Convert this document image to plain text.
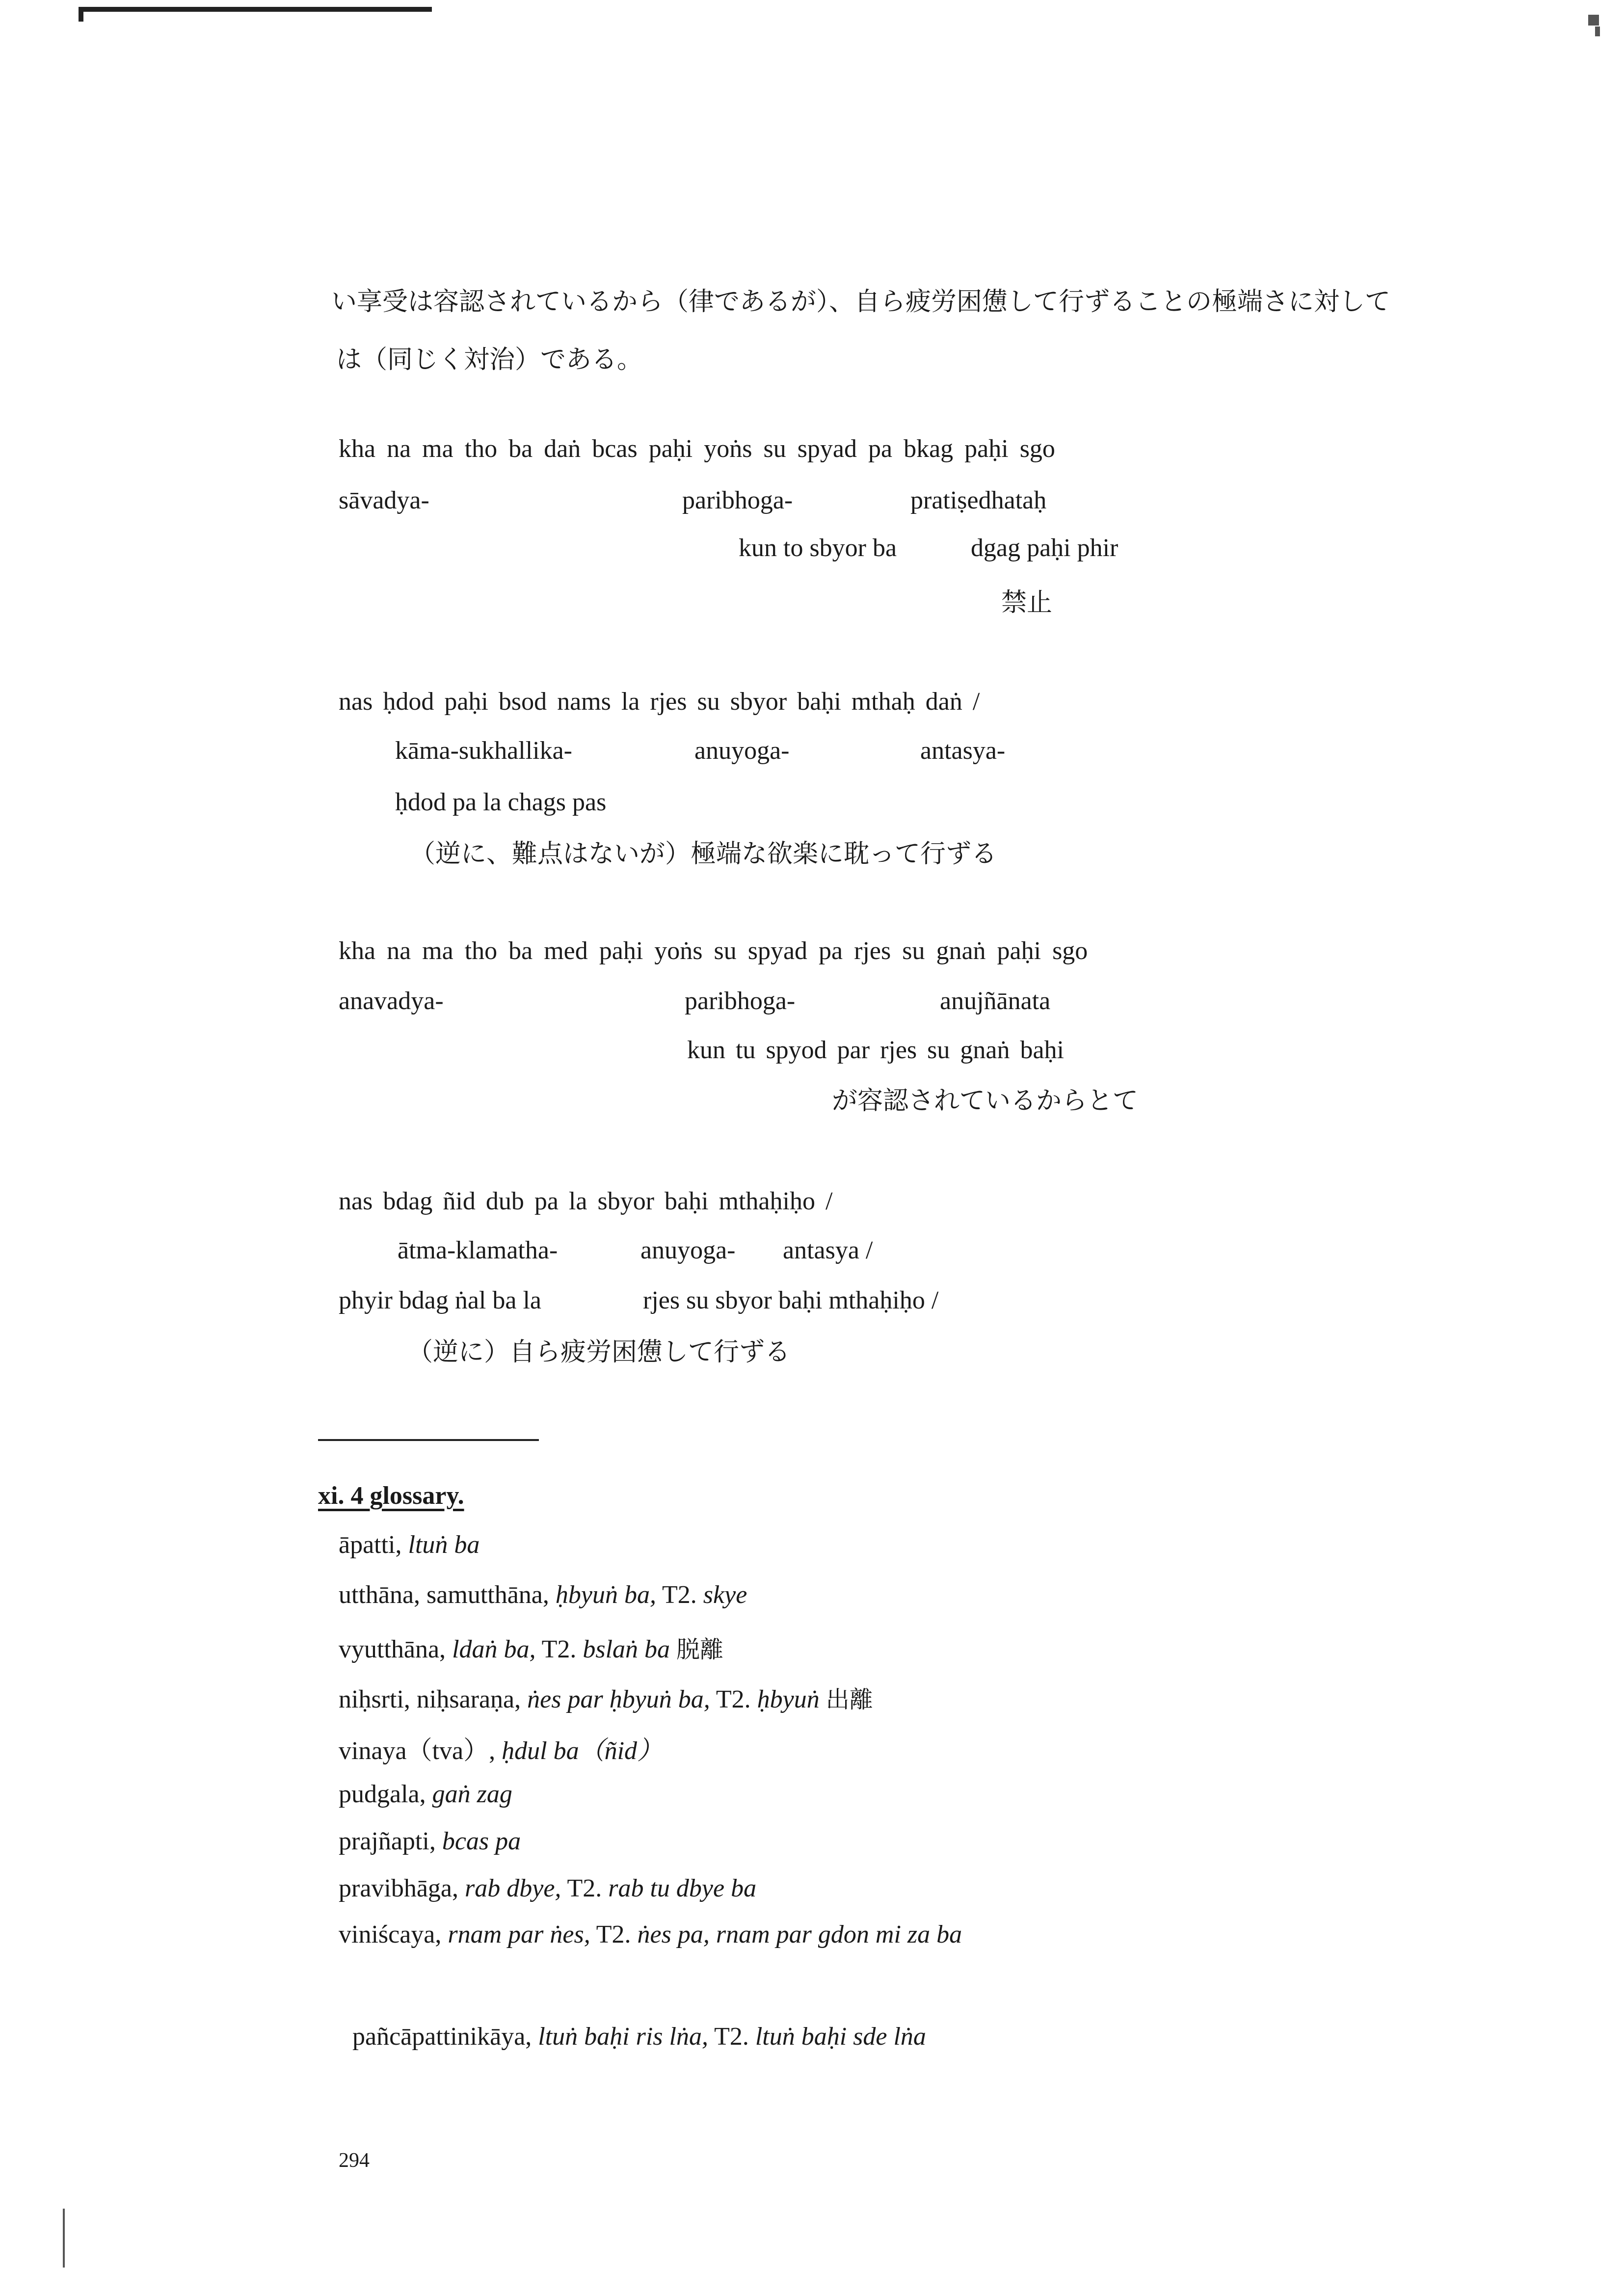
い享受は容認されているから（律であるが）、自ら疲労困憊して行ずることの極端さに対して
は（同じく対治）である。
kha na ma tho ba daṅ bcas paḥi yoṅs su spyad pa bkag paḥi sgo
sāvadya-	paribhoga-	pratiṣedhataḥ
kun to sbyor ba	dgag paḥi phir
禁止
nas ḥdod paḥi bsod nams la rjes su sbyor baḥi mthaḥ daṅ /
kāma-sukhallika-	anuyoga-	antasya-
ḥdod pa la chags pas
（逆に、難点はないが）極端な欲楽に耽って行ずる
kha na ma tho ba med paḥi yoṅs su spyad pa rjes su gnaṅ paḥi sgo
anavadya-	paribhoga-	anujñānata
kun tu spyod par rjes su gnaṅ baḥi
が容認されているからとて
nas bdag ñid dub pa la sbyor baḥi mthaḥiḥo /
ātma-klamatha-	anuyoga- antasya /
phyir bdag ṅal ba la	rjes su sbyor baḥi mthaḥiḥo /
（逆に）自ら疲労困憊して行ずる
xi. 4 glossary.
āpatti, ltuṅ ba
utthāna, samutthāna, ḥbyuṅ ba, T2. skye
vyutthāna, ldaṅ ba, T2. bslaṅ ba 脱離
niḥsrti, niḥsaraṇa, ṅes par ḥbyuṅ ba, T2. ḥbyuṅ 出離
vinaya（tva）, ḥdul ba（ñid）
pudgala, gaṅ zag
prajñapti, bcas pa
pravibhāga, rab dbye, T2. rab tu dbye ba
viniścaya, rnam par ṅes, T2. ṅes pa, rnam par gdon mi za ba
pañcāpattinikāya, ltuṅ baḥi ris lṅa, T2. ltuṅ baḥi sde lṅa
294
